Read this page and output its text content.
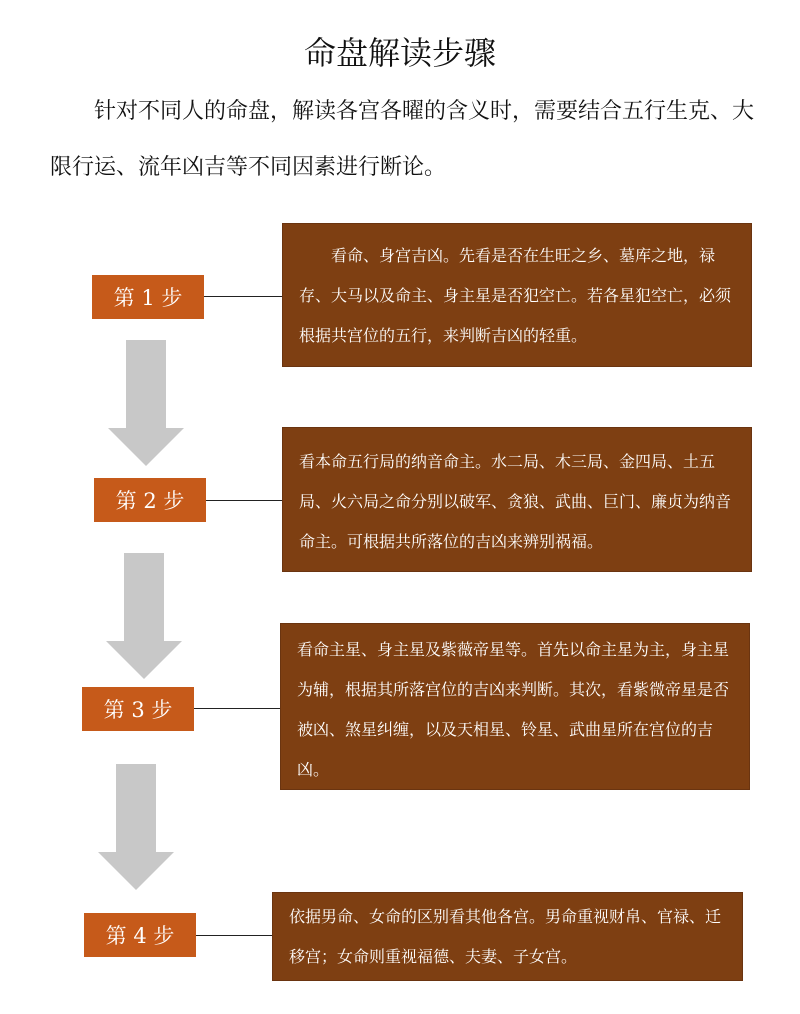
命盘解读步骤
针对不同人的命盘，解读各宫各曜的含义时，需要结合五行生克、大限行运、流年凶吉等不同因素进行断论。
第 1 步
看命、身宫吉凶。先看是否在生旺之乡、墓库之地，禄存、大马以及命主、身主星是否犯空亡。若各星犯空亡，必须根据共宫位的五行，来判断吉凶的轻重。
第 2 步
看本命五行局的纳音命主。水二局、木三局、金四局、土五局、火六局之命分别以破军、贪狼、武曲、巨门、廉贞为纳音命主。可根据共所落位的吉凶来辨别祸福。
第 3 步
看命主星、身主星及紫薇帝星等。首先以命主星为主，身主星为辅，根据其所落宫位的吉凶来判断。其次，看紫微帝星是否被凶、煞星纠缠，以及天相星、铃星、武曲星所在宫位的吉凶。
第 4 步
依据男命、女命的区别看其他各宫。男命重视财帛、官禄、迁移宫；女命则重视福德、夫妻、子女宫。
